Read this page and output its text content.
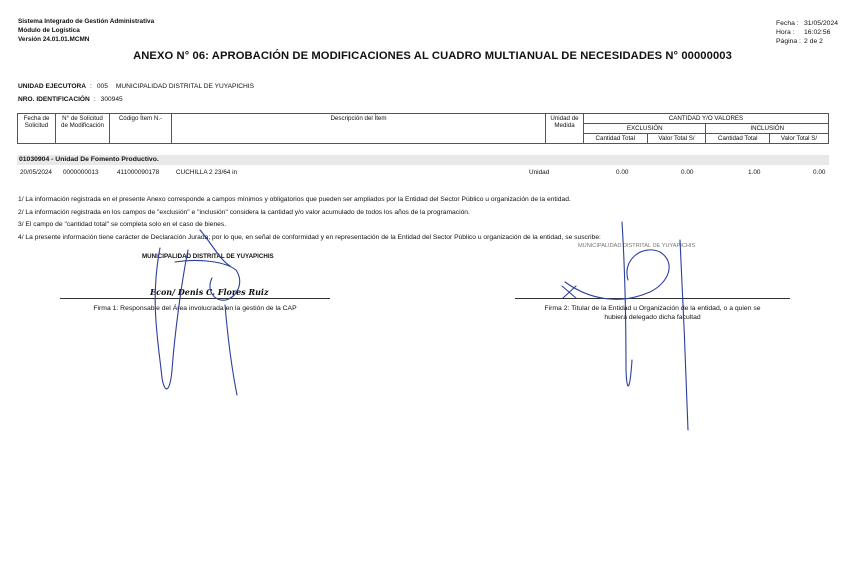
Sistema Integrado de Gestión Administrativa
Módulo de Logística
Versión 24.01.01.MCMN
Fecha : 31/05/2024
Hora :	16:02:56
Página : 2 de 2
ANEXO N° 06: APROBACIÓN DE MODIFICACIONES AL CUADRO MULTIANUAL DE NECESIDADES N° 00000003
UNIDAD EJECUTORA : 005 MUNICIPALIDAD DISTRITAL DE YUYAPICHIS
NRO. IDENTIFICACIÓN : 300945
Fecha de Solicitud	N° de Solicitud de Modificación	Código Ítem N.-	Descripción del Ítem	Unidad de Medida	CANTIDAD Y/O VALORES			
					EXCLUSIÓN		INCLUSIÓN	
					Cantidad Total	Valor Total S/	Cantidad Total	Valor Total S/
01030904 - Unidad De Fomento Productivo.
20/05/2024 0000000013	411000090178	CUCHILLA 2 23/64 in	Unidad	0.00	0.00	1.00	0.00
1/ La información registrada en el presente Anexo corresponde a campos mínimos y obligatorios que pueden ser ampliados por la Entidad del Sector Público u organización de la entidad.
2/ La información registrada en los campos de "exclusión" e "inclusión" considera la cantidad y/o valor acumulado de todos los años de la programación.
3/ El campo de "cantidad total" se completa solo en el caso de bienes.
4/ La presente información tiene carácter de Declaración Jurada; por lo que, en señal de conformidad y en representación de la Entidad del Sector Público u organización de la entidad, se suscribe:
MUNICIPALIDAD DISTRITAL DE YUYAPICHIS
Econ/ Denis C. Flores Ruiz
Firma 1: Responsable del Área involucrada en la gestión de la CAP
MUNICIPALIDAD DISTRITAL DE YUYAPICHIS
Firma 2: Titular de la Entidad u Organización de la entidad, o a quien se hubiera delegado dicha facultad
